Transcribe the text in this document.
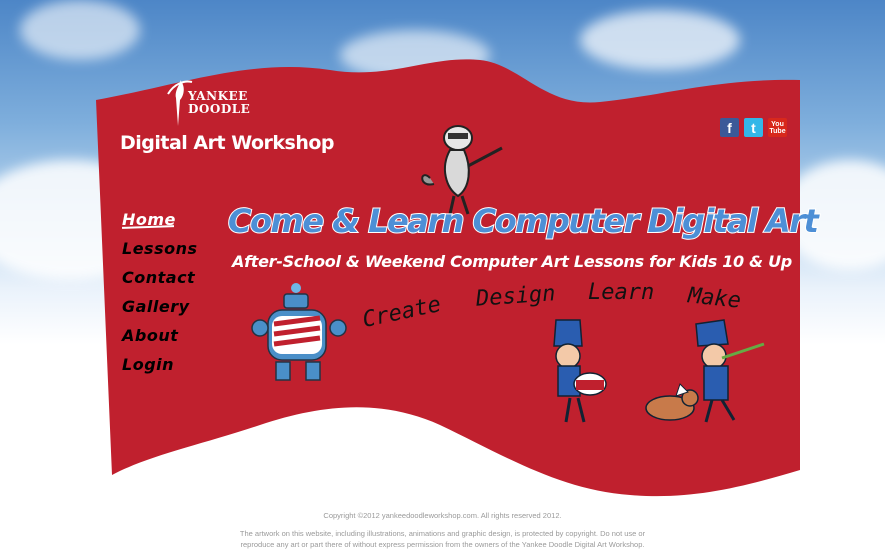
YANKEE
DOODLE
Digital Art Workshop
f	t	You Tube
Home
Lessons
Contact
Gallery
About
Login
Come & Learn Computer Digital Art
After-School & Weekend Computer Art Lessons for Kids 10 & Up
Create Design Learn Make
Copyright ©2012 yankeedoodleworkshop.com. All rights reserved 2012.
The artwork on this website, including illustrations, animations and graphic design, is protected by copyright. Do not use or
reproduce any art or part there of without express permission from the owners of the Yankee Doodle Digital Art Workshop.
